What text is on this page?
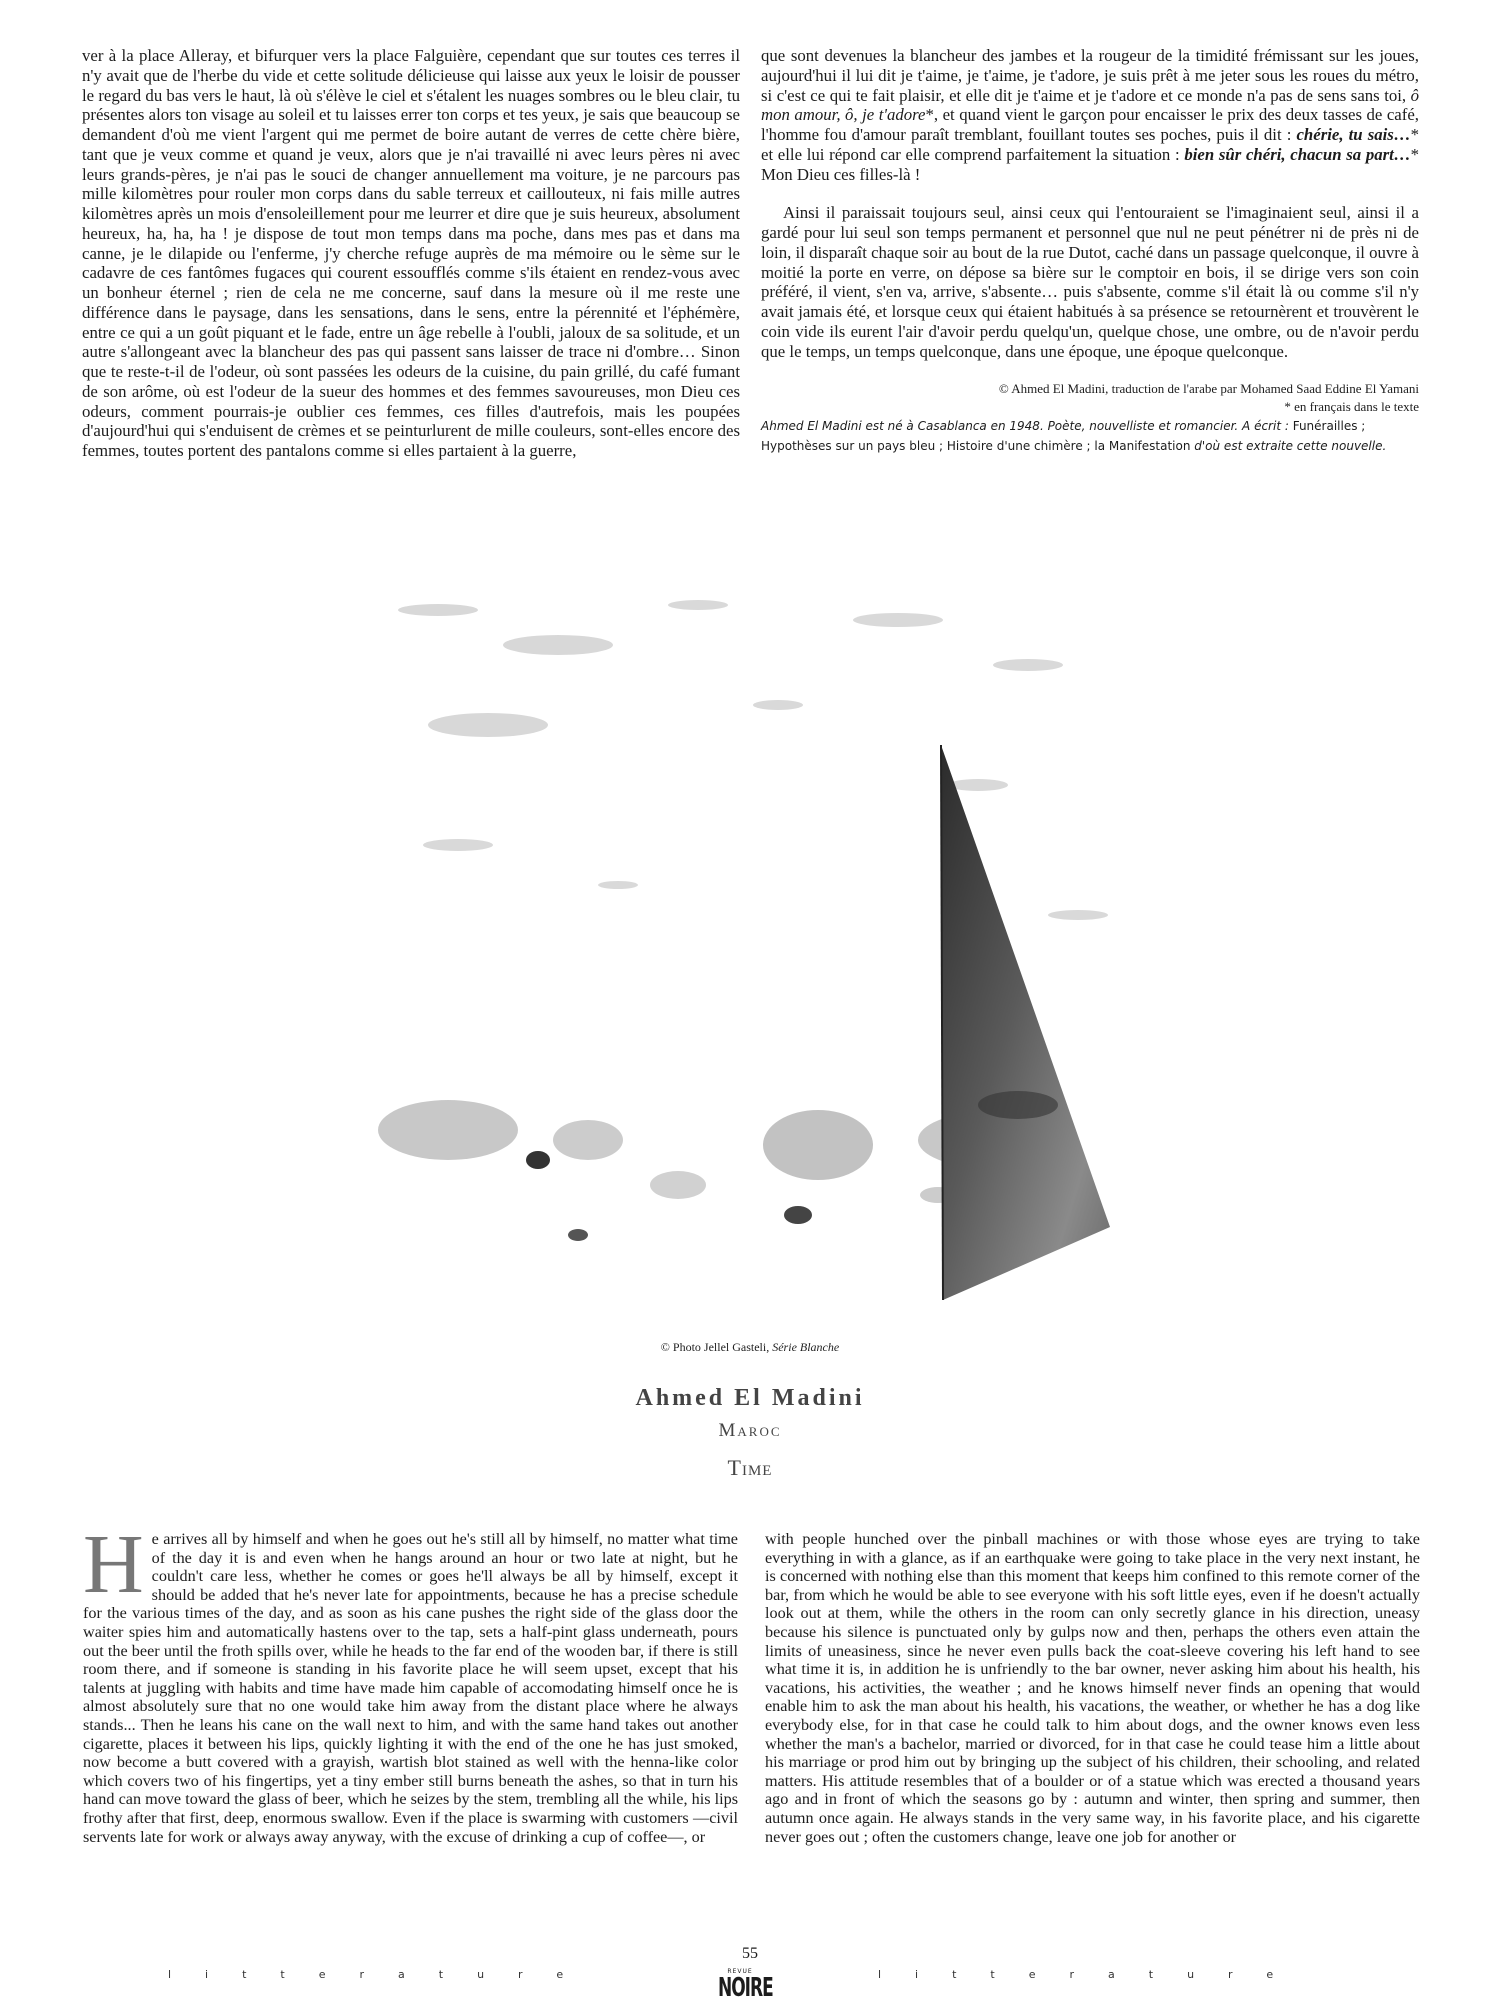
ver à la place Alleray, et bifurquer vers la place Falguière, cependant que sur toutes ces terres il n'y avait que de l'herbe du vide et cette solitude délicieuse qui laisse aux yeux le loisir de pousser le regard du bas vers le haut, là où s'élève le ciel et s'étalent les nuages sombres ou le bleu clair, tu présentes alors ton visage au soleil et tu laisses errer ton corps et tes yeux, je sais que beaucoup se demandent d'où me vient l'argent qui me permet de boire autant de verres de cette chère bière, tant que je veux comme et quand je veux, alors que je n'ai travaillé ni avec leurs pères ni avec leurs grands-pères, je n'ai pas le souci de changer annuellement ma voiture, je ne parcours pas mille kilomètres pour rouler mon corps dans du sable terreux et caillouteux, ni fais mille autres kilomètres après un mois d'ensoleillement pour me leurrer et dire que je suis heureux, absolument heureux, ha, ha, ha ! je dispose de tout mon temps dans ma poche, dans mes pas et dans ma canne, je le dilapide ou l'enferme, j'y cherche refuge auprès de ma mémoire ou le sème sur le cadavre de ces fantômes fugaces qui courent essoufflés comme s'ils étaient en rendez-vous avec un bonheur éternel ; rien de cela ne me concerne, sauf dans la mesure où il me reste une différence dans le paysage, dans les sensations, dans le sens, entre la pérennité et l'éphémère, entre ce qui a un goût piquant et le fade, entre un âge rebelle à l'oubli, jaloux de sa solitude, et un autre s'allongeant avec la blancheur des pas qui passent sans laisser de trace ni d'ombre… Sinon que te reste-t-il de l'odeur, où sont passées les odeurs de la cuisine, du pain grillé, du café fumant de son arôme, où est l'odeur de la sueur des hommes et des femmes savoureuses, mon Dieu ces odeurs, comment pourrais-je oublier ces femmes, ces filles d'autrefois, mais les poupées d'aujourd'hui qui s'enduisent de crèmes et se peinturlurent de mille couleurs, sont-elles encore des femmes, toutes portent des pantalons comme si elles partaient à la guerre,

que sont devenues la blancheur des jambes et la rougeur de la timidité frémissant sur les joues, aujourd'hui il lui dit je t'aime, je t'aime, je t'adore, je suis prêt à me jeter sous les roues du métro, si c'est ce qui te fait plaisir, et elle dit je t'aime et je t'adore et ce monde n'a pas de sens sans toi, ô mon amour, ô, je t'adore*, et quand vient le garçon pour encaisser le prix des deux tasses de café, l'homme fou d'amour paraît tremblant, fouillant toutes ses poches, puis il dit : chérie, tu sais…* et elle lui répond car elle comprend parfaitement la situation : bien sûr chéri, chacun sa part…* Mon Dieu ces filles-là !

Ainsi il paraissait toujours seul, ainsi ceux qui l'entouraient se l'imaginaient seul, ainsi il a gardé pour lui seul son temps permanent et personnel que nul ne peut pénétrer ni de près ni de loin, il disparaît chaque soir au bout de la rue Dutot, caché dans un passage quelconque, il ouvre à moitié la porte en verre, on dépose sa bière sur le comptoir en bois, il se dirige vers son coin préféré, il vient, s'en va, arrive, s'absente… puis s'absente, comme s'il était là ou comme s'il n'y avait jamais été, et lorsque ceux qui étaient habitués à sa présence se retournèrent et trouvèrent le coin vide ils eurent l'air d'avoir perdu quelqu'un, quelque chose, une ombre, ou de n'avoir perdu que le temps, un temps quelconque, dans une époque, une époque quelconque.

© Ahmed El Madini, traduction de l'arabe par Mohamed Saad Eddine El Yamani

* en français dans le texte

Ahmed El Madini est né à Casablanca en 1948. Poète, nouvelliste et romancier. A écrit : Funérailles ; Hypothèses sur un pays bleu ; Histoire d'une chimère ; la Manifestation d'où est extraite cette nouvelle.

© Photo Jellel Gasteli, Série Blanche
Ahmed El Madini
Maroc
Time

He arrives all by himself and when he goes out he's still all by himself, no matter what time of the day it is and even when he hangs around an hour or two late at night, but he couldn't care less, whether he comes or goes he'll always be all by himself, except it should be added that he's never late for appointments, because he has a precise schedule for the various times of the day, and as soon as his cane pushes the right side of the glass door the waiter spies him and automatically hastens over to the tap, sets a half-pint glass underneath, pours out the beer until the froth spills over, while he heads to the far end of the wooden bar, if there is still room there, and if someone is standing in his favorite place he will seem upset, except that his talents at juggling with habits and time have made him capable of accomodating himself once he is almost absolutely sure that no one would take him away from the distant place where he always stands... Then he leans his cane on the wall next to him, and with the same hand takes out another cigarette, places it between his lips, quickly lighting it with the end of the one he has just smoked, now become a butt covered with a grayish, wartish blot stained as well with the henna-like color which covers two of his fingertips, yet a tiny ember still burns beneath the ashes, so that in turn his hand can move toward the glass of beer, which he seizes by the stem, trembling all the while, his lips frothy after that first, deep, enormous swallow. Even if the place is swarming with customers —civil servents late for work or always away anyway, with the excuse of drinking a cup of coffee—, or

with people hunched over the pinball machines or with those whose eyes are trying to take everything in with a glance, as if an earthquake were going to take place in the very next instant, he is concerned with nothing else than this moment that keeps him confined to this remote corner of the bar, from which he would be able to see everyone with his soft little eyes, even if he doesn't actually look out at them, while the others in the room can only secretly glance in his direction, uneasy because his silence is punctuated only by gulps now and then, perhaps the others even attain the limits of uneasiness, since he never even pulls back the coat-sleeve covering his left hand to see what time it is, in addition he is unfriendly to the bar owner, never asking him about his health, his vacations, his activities, the weather ; and he knows himself never finds an opening that would enable him to ask the man about his health, his vacations, the weather, or whether he has a dog like everybody else, for in that case he could talk to him about dogs, and the owner knows even less whether the man's a bachelor, married or divorced, for in that case he could tease him a little about his marriage or prod him out by bringing up the subject of his children, their schooling, and related matters. His attitude resembles that of a boulder or of a statue which was erected a thousand years ago and in front of which the seasons go by : autumn and winter, then spring and summer, then autumn once again. He always stands in the very same way, in his favorite place, and his cigarette never goes out ; often the customers change, leave one job for another or

55
litterature	REVUE
NOIRE	litterature
